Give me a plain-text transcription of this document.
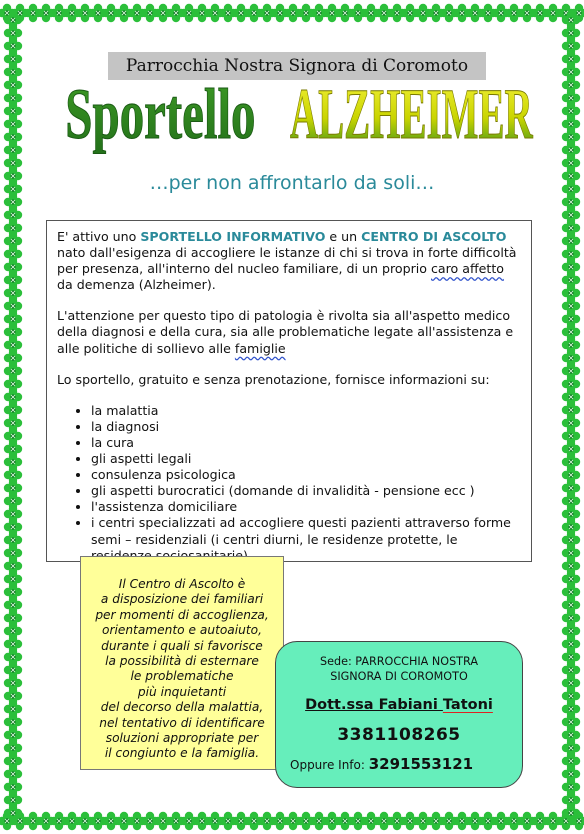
Parrocchia Nostra Signora di Coromoto
Sportello ALZHEIMER
…per non affrontarlo da soli…

E' attivo uno SPORTELLO INFORMATIVO e un CENTRO DI ASCOLTO nato dall'esigenza di accogliere le istanze di chi si trova in forte difficoltà per presenza, all'interno del nucleo familiare, di un proprio caro affetto da demenza (Alzheimer).

L'attenzione per questo tipo di patologia è rivolta sia all'aspetto medico della diagnosi e della cura, sia alle problematiche legate all'assistenza e alle politiche di sollievo alle famiglie

Lo sportello, gratuito e senza prenotazione, fornisce informazioni su:

• la malattia
• la diagnosi
• la cura
• gli aspetti legali
• consulenza psicologica
• gli aspetti burocratici (domande di invalidità - pensione ecc )
• l'assistenza domiciliare
• i centri specializzati ad accogliere questi pazienti attraverso forme semi – residenziali (i centri diurni, le residenze protette, le
Il Centro di Ascolto è
a disposizione dei familiari
per momenti di accoglienza,
orientamento e autoaiuto,
durante i quali si favorisce
la possibilità di esternare
le problematiche
più inquietanti
del decorso della malattia,
nel tentativo di identificare
soluzioni appropriate per
il congiunto e la famiglia.
Sede: PARROCCHIA NOSTRA
SIGNORA DI COROMOTO
Dott.ssa Fabiani Tatoni
3381108265
Oppure Info: 3291553121
